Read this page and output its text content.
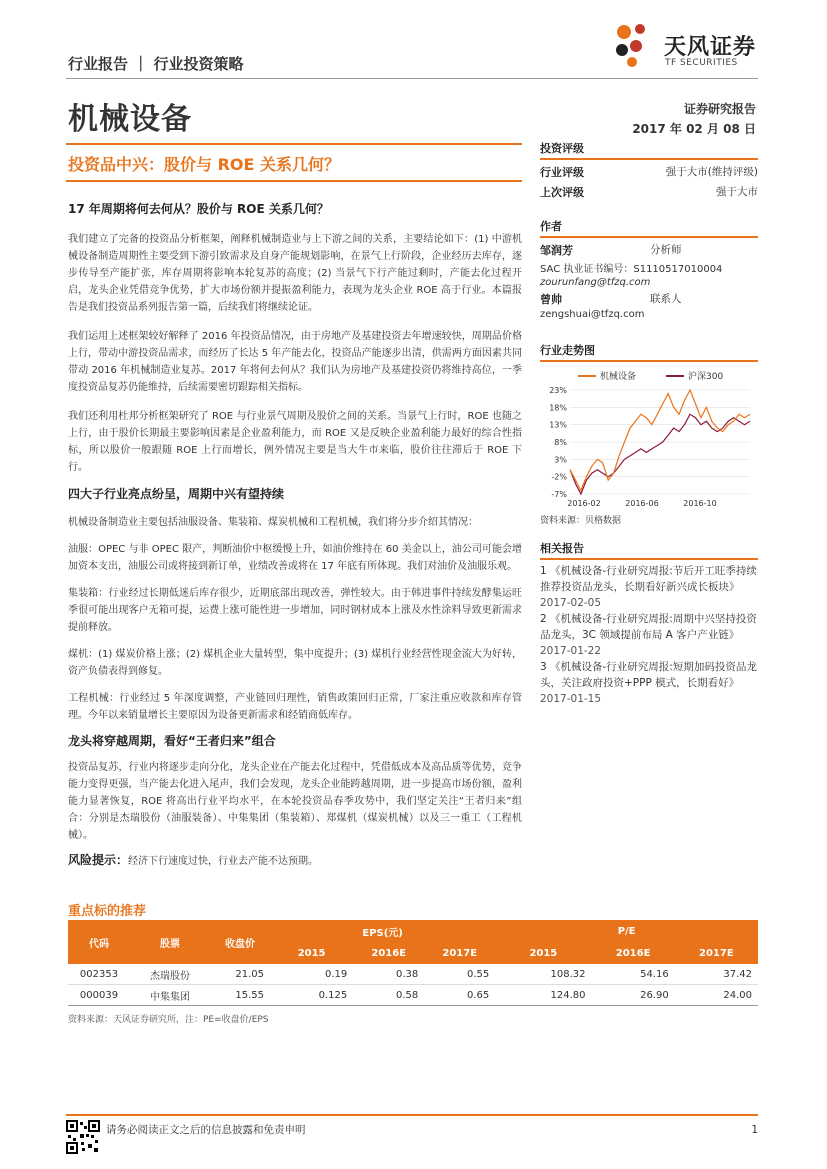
天风证券
TF SECURITIES
行业报告 ｜ 行业投资策略
机械设备	证券研究报告
2017 年 02 月 08 日
投资品中兴：股价与 ROE 关系几何？
17 年周期将何去何从？股价与 ROE 关系几何？
我们建立了完备的投资品分析框架，阐释机械制造业与上下游之间的关系，主要结论如下：(1) 中游机械设备制造周期性主要受到下游引致需求及自身产能规划影响，在景气上行阶段，企业经历去库存，逐步传导至产能扩张，库存周期将影响本轮复苏的高度；(2) 当景气下行产能过剩时，产能去化过程开启，龙头企业凭借竞争优势，扩大市场份额并提振盈利能力，表现为龙头企业 ROE 高于行业。本篇报告是我们投资品系列报告第一篇，后续我们将继续论证。
我们运用上述框架较好解释了 2016 年投资品情况，由于房地产及基建投资去年增速较快，周期品价格上行，带动中游投资品需求，而经历了长达 5 年产能去化，投资品产能逐步出清，供需两方面因素共同带动 2016 年机械制造业复苏。2017 年将何去何从？我们认为房地产及基建投资仍将维持高位，一季度投资品复苏仍能维持，后续需要密切跟踪相关指标。
我们还利用杜邦分析框架研究了 ROE 与行业景气周期及股价之间的关系。当景气上行时，ROE 也随之上行，由于股价长期最主要影响因素是企业盈利能力，而 ROE 又是反映企业盈利能力最好的综合性指标，所以股价一般跟随 ROE 上行而增长，例外情况主要是当大牛市来临，股价往往滞后于 ROE 下行。
四大子行业亮点纷呈，周期中兴有望持续
机械设备制造业主要包括油服设备、集装箱、煤炭机械和工程机械，我们将分步介绍其情况：
油服：OPEC 与非 OPEC 限产，判断油价中枢缓慢上升，如油价维持在 60 美金以上，油公司可能会增加资本支出，油服公司或将接到新订单，业绩改善或将在 17 年底有所体现。我们对油价及油服乐观。
集装箱：行业经过长期低迷后库存很少，近期底部出现改善，弹性较大。由于韩进事件持续发酵集运旺季很可能出现客户无箱可提，运费上涨可能性进一步增加，同时钢材成本上涨及水性涂料导致更新需求提前释放。
煤机：(1) 煤炭价格上涨；(2) 煤机企业大量转型，集中度提升；(3) 煤机行业经营性现金流大为好转，资产负债表得到修复。
工程机械：行业经过 5 年深度调整，产业链回归理性，销售政策回归正常，厂家注重应收款和库存管理。今年以来销量增长主要原因为设备更新需求和经销商低库存。
龙头将穿越周期，看好“王者归来”组合
投资品复苏，行业内将逐步走向分化，龙头企业在产能去化过程中，凭借低成本及高品质等优势，竞争能力变得更强，当产能去化进入尾声，我们会发现，龙头企业能跨越周期，进一步提高市场份额，盈利能力显著恢复，ROE 将高出行业平均水平，在本轮投资品春季攻势中，我们坚定关注“王者归来”组合：分别是杰瑞股份（油服装备）、中集集团（集装箱）、郑煤机（煤炭机械）以及三一重工（工程机械）。
风险提示：经济下行速度过快，行业去产能不达预期。
投资评级
行业评级	强于大市(维持评级)
上次评级	强于大市
作者
邹润芳	分析师
SAC 执业证书编号：S1110517010004
zourunfang@tfzq.com
曾帅	联系人
zengshuai@tfzq.com
行业走势图
机械设备	沪深300
23%
18%
13%
8%
3%
-2%
-7%
2016-02	2016-06	2016-10
资料来源：贝格数据
相关报告
1 《机械设备-行业研究周报:节后开工旺季持续推荐投资品龙头，长期看好新兴成长板块》 2017-02-05
2 《机械设备-行业研究周报:周期中兴坚持投资品龙头，3C 领域提前布局 A 客户产业链》 2017-01-22
3 《机械设备-行业研究周报:短期加码投资品龙头，关注政府投资+PPP 模式，长期看好》 2017-01-15
重点标的推荐
代码	股票	收盘价	EPS(元)			P/E		
			2015	2016E	2017E	2015	2016E	2017E
002353	杰瑞股份	21.05	0.19	0.38	0.55	108.32	54.16	37.42
000039	中集集团	15.55	0.125	0.58	0.65	124.80	26.90	24.00
资料来源：天风证券研究所，注：PE=收盘价/EPS
请务必阅读正文之后的信息披露和免责申明	1
